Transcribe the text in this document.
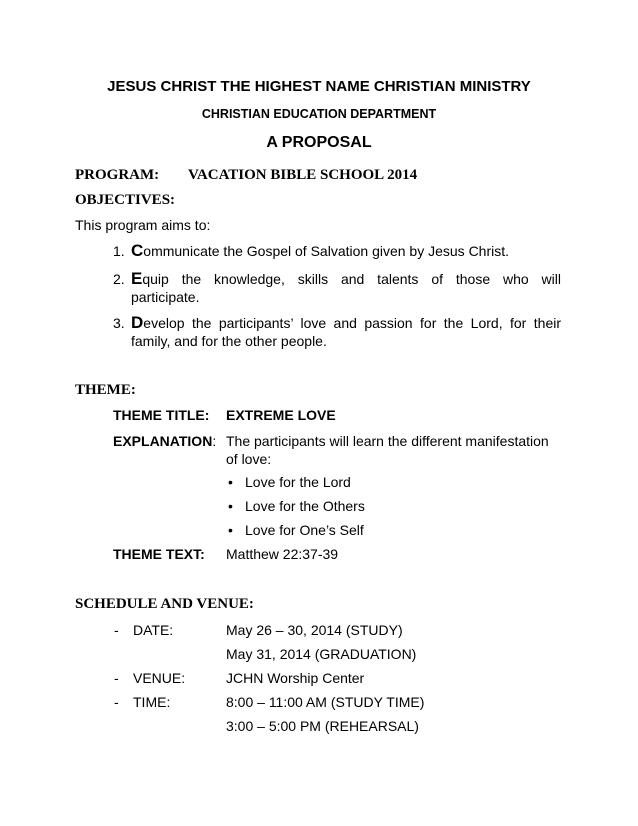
JESUS CHRIST THE HIGHEST NAME CHRISTIAN MINISTRY
CHRISTIAN EDUCATION DEPARTMENT
A PROPOSAL
PROGRAM: VACATION BIBLE SCHOOL 2014
OBJECTIVES:
This program aims to:
1. Communicate the Gospel of Salvation given by Jesus Christ.
2. Equip the knowledge, skills and talents of those who will
participate.
3. Develop the participants’ love and passion for the Lord, for their
family, and for the other people.
THEME:
THEME TITLE: EXTREME LOVE
EXPLANATION: The participants will learn the different manifestation
of love:
• Love for the Lord
• Love for the Others
• Love for One’s Self
THEME TEXT: Matthew 22:37-39
SCHEDULE AND VENUE:
- DATE:	May 26 – 30, 2014 (STUDY)
May 31, 2014 (GRADUATION)
- VENUE:	JCHN Worship Center
- TIME:	8:00 – 11:00 AM (STUDY TIME)
3:00 – 5:00 PM (REHEARSAL)
